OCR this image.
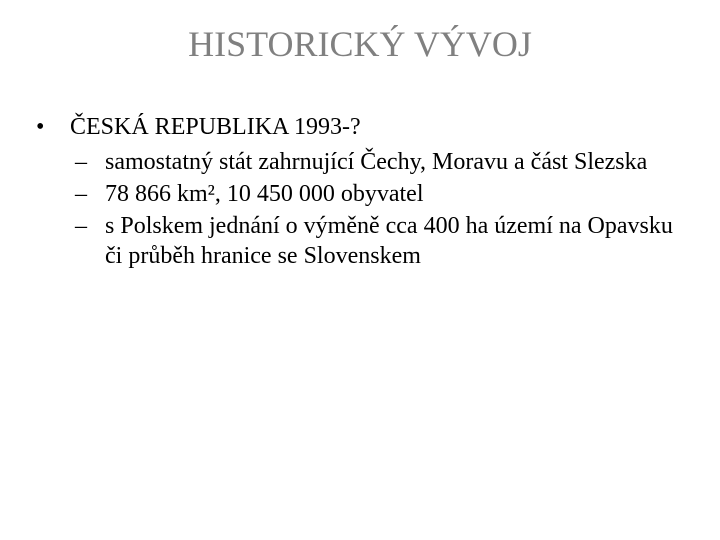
HISTORICKÝ VÝVOJ
•	ČESKÁ REPUBLIKA 1993-?
– samostatný stát zahrnující Čechy, Moravu a část Slezska
– 78 866 km², 10 450 000 obyvatel
– s Polskem jednání o výměně cca 400 ha území na Opavsku či průběh hranice se Slovenskem
